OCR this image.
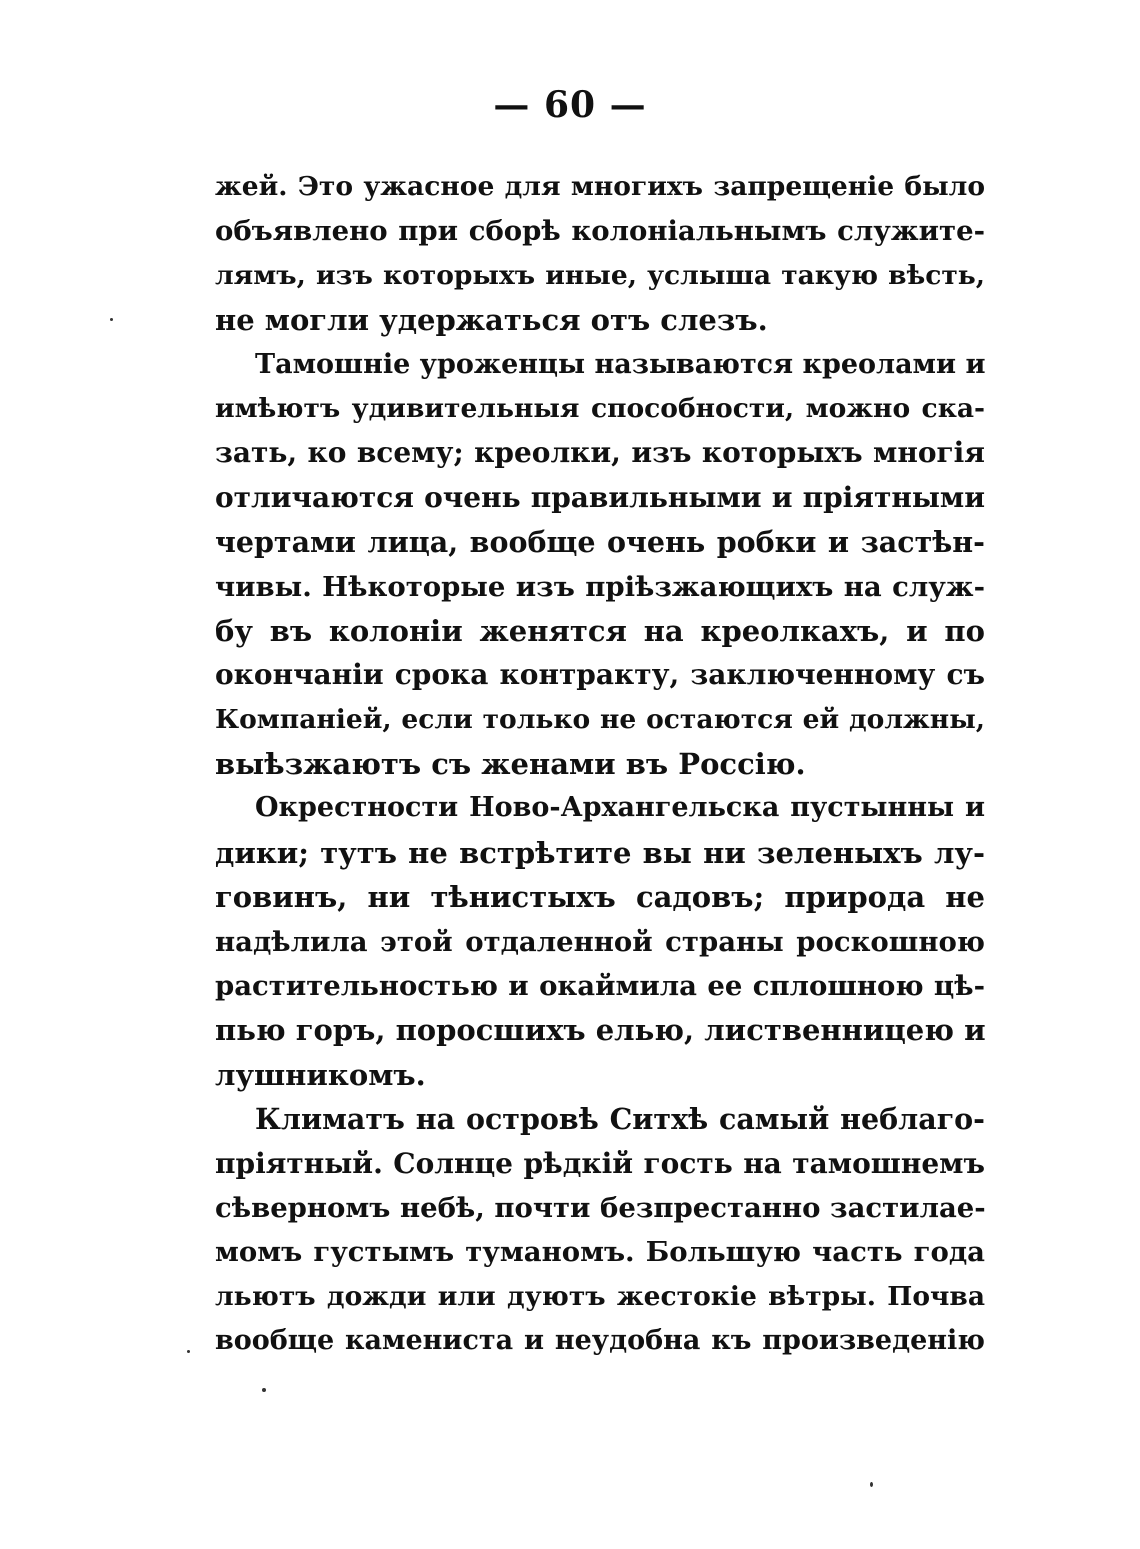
— 60 —
жей. Это ужасное для многихъ запрещеніе было
объявлено при сборѣ колоніальнымъ служите-
лямъ, изъ которыхъ иные, услыша такую вѣсть,
не могли удержаться отъ слезъ.
Тамошніе уроженцы называются креолами и
имѣютъ удивительныя способности, можно ска-
зать, ко всему; креолки, изъ которыхъ многія
отличаются очень правильными и пріятными
чертами лица, вообще очень робки и застѣн-
чивы. Нѣкоторые изъ пріѣзжающихъ на служ-
бу въ колоніи женятся на креолкахъ, и по
окончаніи срока контракту, заключенному съ
Компаніей, если только не остаются ей должны,
выѣзжаютъ съ женами въ Россію.
Окрестности Ново-Архангельска пустынны и
дики; тутъ не встрѣтите вы ни зеленыхъ лу-
говинъ, ни тѣнистыхъ садовъ; природа не
надѣлила этой отдаленной страны роскошною
растительностью и окаймила ее сплошною цѣ-
пью горъ, поросшихъ елью, лиственницею и
лушникомъ.
Климатъ на островѣ Ситхѣ самый неблаго-
пріятный. Солнце рѣдкій гость на тамошнемъ
сѣверномъ небѣ, почти безпрестанно застилае-
момъ густымъ туманомъ. Большую часть года
льютъ дожди или дуютъ жестокіе вѣтры. Почва
вообще камениста и неудобна къ произведенію
